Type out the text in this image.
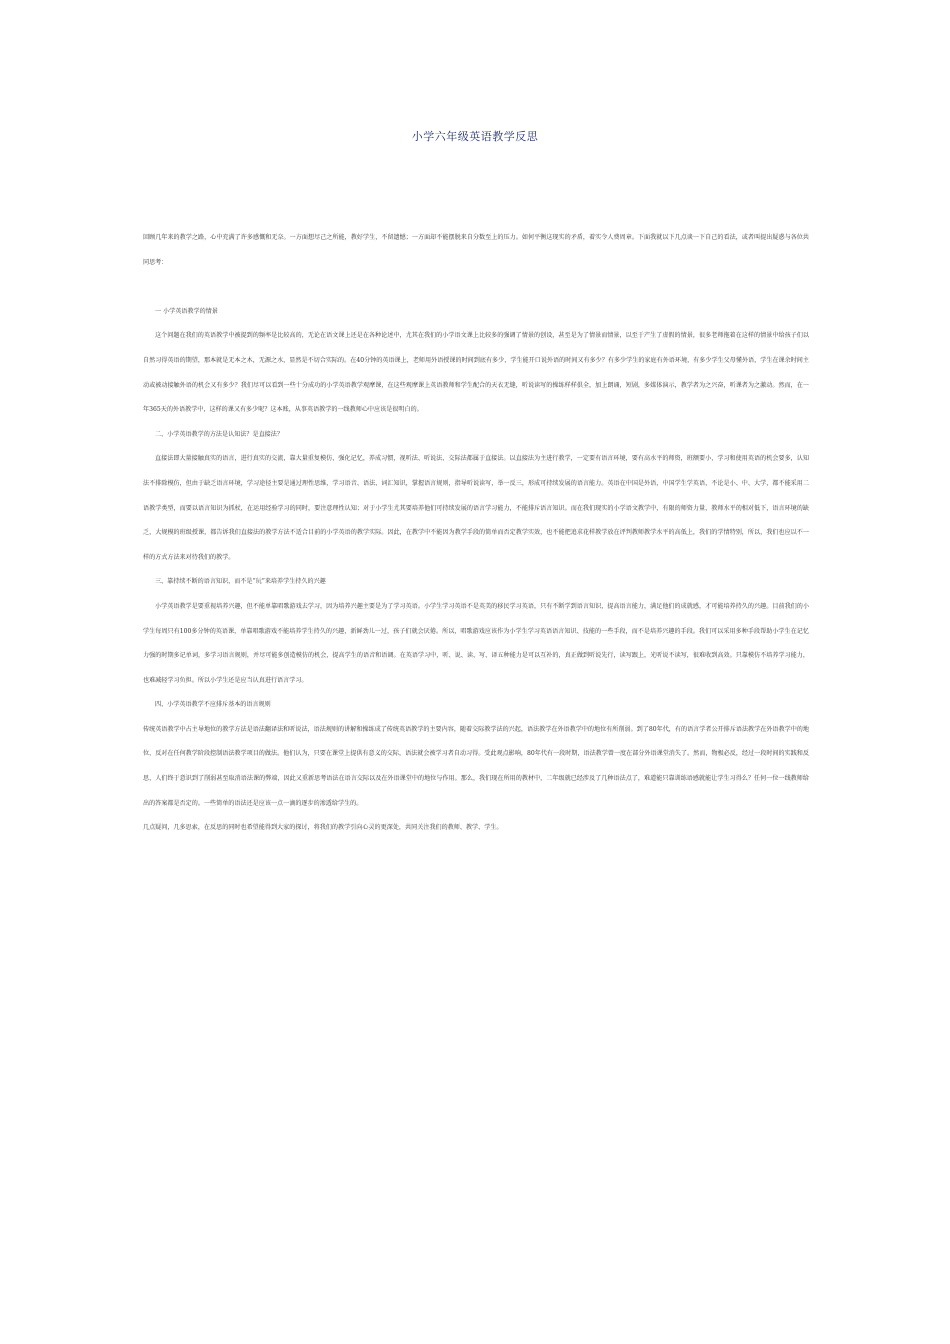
小学六年级英语教学反思

回顾几年来的教学之路，心中充满了许多感慨和无奈。一方面想尽己之所能，教好学生，不留遗憾；一方面却不能摆脱来自分数至上的压力。如何平衡这现实的矛盾，着实令人费周章。下面我就以下几点谈一下自己的看法，或者叫提出疑惑与各位共同思考：

一 小学英语教学的情景

这个问题在我们的英语教学中被提到的频率是比较高的，无论在语文课上还是在各种论述中，尤其在我们的小学语文课上比较多的强调了情景的创设，甚至是为了情景而情景，以至于产生了虚假的情景，很多老师拖着在这样的情景中给孩子们以自然习得英语的期望，那本就是无本之木，无源之水，显然是不切合实际的。在40分钟的英语课上，老师用外语授课的时间到底有多少，学生能开口说外语的时间又有多少？有多少学生的家庭有外语环境，有多少学生父母懂外语，学生在课余时间主动或被动接触外语的机会又有多少？我们尽可以看到一些十分成功的小学英语教学观摩课，在这些观摩课上英语教师和学生配合的天衣无缝，听说读写的操练样样俱全，加上朗诵，短剧，多媒体演示，教学者为之兴奋，听课者为之激动。然而，在一年365天的外语教学中，这样的课又有多少呢？这本账，从事英语教学的一线教师心中应该是很明白的。

二、小学英语教学的方法是认知法？是直接法？

直接法即大量接触真实的语言，进行真实的交流，靠大量重复模仿，强化记忆，养成习惯，视听法、听说法、交际法都属于直接法。以直接法为主进行教学，一定要有语言环境，要有高水平的师资，班额要小，学习和使用英语的机会要多，认知法不排除模仿，但由于缺乏语言环境，学习途径主要是通过理性思维，学习语音、语法、词汇知识，掌握语言规则，指导听说读写，举一反三，形成可持续发展的语言能力。英语在中国是外语，中国学生学英语，不论是小、中、大学，都不能采用二语教学类型，而要以语言知识为抓杖，在运用经验学习的同时，要注意理性认知；对于小学生尤其要培养他们可持续发展的语言学习能力，不能排斥语言知识。而在我们现实的小学语文教学中，有限的师资力量，教师水平的相对低下，语言环境的缺乏，大规模的班级授课，都告诉我们直接法的教学方法不适合目前的小学英语的教学实际。因此，在教学中不能因为教学手段的简单而否定教学实效，也不能把追求花样教学放在评判教师教学水平的高低上，我们的学情特别，所以，我们也应以不一样的方式方法来对待我们的教学。

三、靠持续不断的语言知识，而不是“玩”来培养学生持久的兴趣

小学英语教学是要重视培养兴趣，但不能单靠唱歌游戏去学习，因为培养兴趣主要是为了学习英语。小学生学习英语不是英美的移民学习英语，只有不断学到语言知识，提高语言能力，满足他们的成就感，才可能培养持久的兴趣。目前我们的小学生每周只有100多分钟的英语课，单靠唱歌游戏不能培养学生持久的兴趣，新鲜劲儿一过，孩子们就会厌倦。所以，唱歌游戏应该作为小学生学习英语语言知识、技能的一些手段，而不是培养兴趣的手段。我们可以采用多种手段帮助小学生在记忆力强的时期多记单词，多学习语言规则，并尽可能多创造模仿的机会，提高学生的语音和语调。在英语学习中，听、说、读、写、译五种能力是可以互补的，真正做到听说先行，读写跟上，光听说不读写，很难收到高效。只靠模仿不培养学习能力，也难减轻学习负担。所以小学生还是应当认真进行语言学习。

四、小学英语教学不应排斥基本的语言规则

传统英语教学中占主导地位的教学方法是语法翻译法和听说法，语法规则的讲解和操练成了传统英语教学的主要内容，随着交际教学法的兴起，语法教学在外语教学中的地位有所削弱。到了80年代，有的语言学者公开排斥语法教学在外语教学中的地位，反对在任何教学阶段控制语法教学项目的做法。他们认为，只要在课堂上提供有意义的交际，语法就会被学习者自动习得。受此观点影响，80年代有一段时期，语法教学曾一度在部分外语课堂消失了。然而，物极必反，经过一段时间的实践和反思，人们终于意识到了削弱甚至取消语法课的弊端，因此又重新思考语法在语言交际以及在外语课堂中的地位与作用。那么，我们现在所用的教材中，二年级就已经涉及了几种语法点了，难道能只靠训练语感就能让学生习得么？任何一位一线教师给出的答案都是否定的。一些简单的语法还是应该一点一滴的逐步的渗透给学生的。

几点疑问，几多思索，在反思的同时也希望能得到大家的探讨，将我们的教学引向心灵的更深处，共同关注我们的教师、教学、学生。
